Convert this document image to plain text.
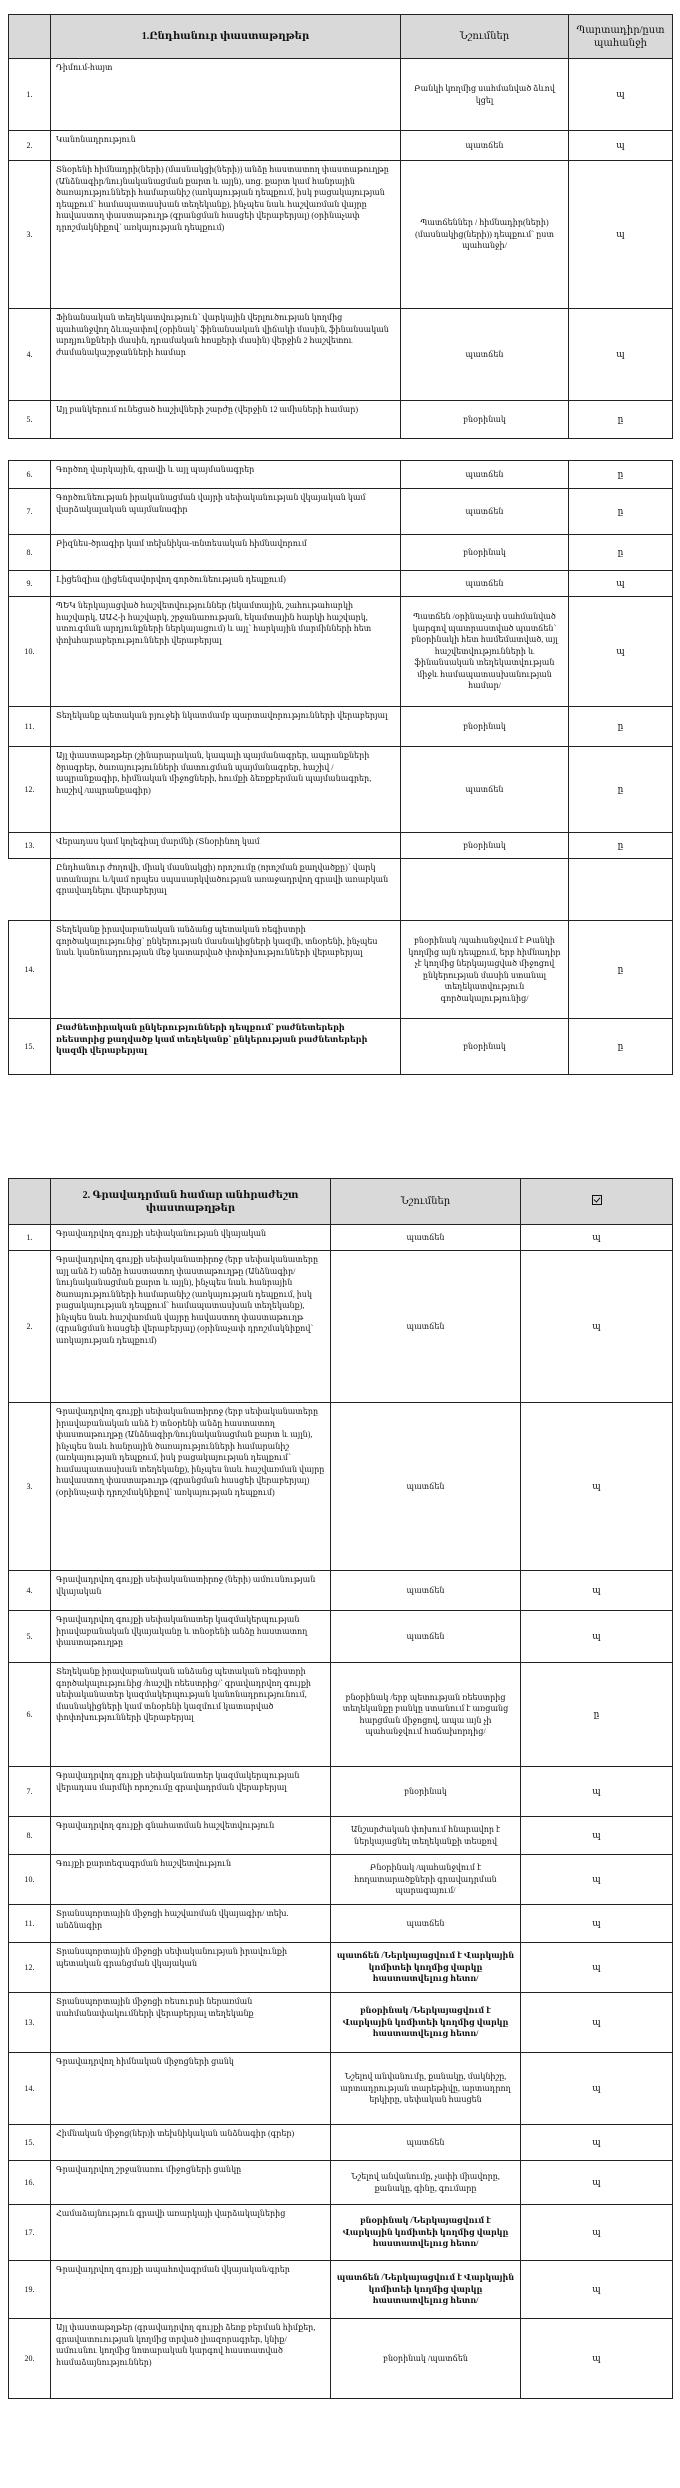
	1.Ընդհանուր փաստաթղթեր	Նշումներ	Պարտադիր/ըստ պահանջի
1.	Դիմում-հայտ	Բանկի կողմից սահմանված ձևով կցել	պ
2.	Կանոնադրություն	պատճեն	պ
3.	Տնօրենի հիմնադրի(ների) (մասնակցի(ների)) անձը հաստատող փաստաթուղթը (Անձնագիր/նույնականացման քարտ և այլն), սոց. քարտ կամ հանրային ծառայությունների համարանիշ (առկայության դեպքում, իսկ բացակայության դեպքում՝ համապատասխան տեղեկանք), ինչպես նաև հաշվառման վայրը հավաստող փաստաթուղթ (գրանցման հասցեի վերաբերյալ) (օրինաչափ դրոշմակնիքով՝ առկայության դեպքում)	Պատճեններ / հիմնադիր(ների) (մասնակից(ների)) դեպքում՝ ըստ պահանջի/	պ
4.	Ֆինանսական տեղեկատվություն՝ վարկային վերլուծության կողմից պահանջվող ձևաչափով (օրինակ՝ ֆինանսական վիճակի մասին, ֆինանսական արդյունքների մասին, դրամական հոսքերի մասին) վերջին 2 հաշվետու ժամանակաշրջանների համար	պատճեն	պ
5.	Այլ բանկերում ունեցած հաշիվների շարժը (վերջին 12 ամիսների համար)	բնօրինակ	ը

6.	Գործող վարկային, գրավի և այլ պայմանագրեր	պատճեն	ը
7.	Գործունեության իրականացման վայրի սեփականության վկայական կամ վարձակալական պայմանագիր	պատճեն	ը
8.	Բիզնես-ծրագիր կամ տեխնիկա-տնտեսական հիմնավորում	բնօրինակ	ը
9.	Լիցենզիա (լիցենզավորվող գործունեության դեպքում)	պատճեն	պ
10.	ՊԵԿ ներկայացված հաշվետվություններ (եկամտային, շահութահարկի հաշվարկ, ԱԱՀ-ի հաշվարկ, շրջանառության, եկամտային հարկի հաշվարկ, ստուգման արդյունքների ներկայացում) և այլ՝ հարկային մարմինների հետ փոխհարաբերությունների վերաբերյալ	Պատճեն /օրինաչափ սահմանված կարգով պատրաստված պատճեն՝ բնօրինակի հետ համեմատված, այլ հաշվետվությունների և ֆինանսական տեղեկատվության միջև համապատասխանության համար/	պ
11.	Տեղեկանք պետական բյուջեի նկատմամբ պարտավորությունների վերաբերյալ	բնօրինակ	ը
12.	Այլ փաստաթղթեր (շինարարական, կապալի պայմանագրեր, ապրանքների ծրագրեր, ծառայությունների մատուցման պայմանագրեր, հաշիվ /ապրանքագիր, հիմնական միջոցների, հումքի ձեռքբերման պայմանագրեր, հաշիվ /ապրանքագիր)	պատճեն	ը
13.	Վերադաս կամ կոլեգիալ մարմնի (Տնօրինող կամ	բնօրինակ	ը
	Ընդհանուր ժողովի, միակ մասնակցի) որոշումը (որոշման քաղվածքը)՝ վարկ ստանալու և/կամ որպես սպասարկվածության առաջադրվող գրավի առարկան գրավադնելու վերաբերյալ		
14.	Տեղեկանք իրավաբանական անձանց պետական ռեգիստրի գործակալությունից՝ ընկերության մասնակիցների կազմի, տնօրենի, ինչպես նաև կանոնադրության մեջ կատարված փոփոխությունների վերաբերյալ	բնօրինակ /պահանջվում է Բանկի կողմից այն դեպքում, երբ հիմնադիր չէ կողմից ներկայացված միջոցով ընկերության մասին ստանալ տեղեկատվություն գործակալությունից/	ը
15.	Բաժնետիրական ընկերությունների դեպքում՝ բաժնետերերի ռեեստրից քաղվածք կամ տեղեկանք՝ ընկերության բաժնետերերի կազմի վերաբերյալ	բնօրինակ	ը
	2. Գրավադրման համար անհրաժեշտ փաստաթղթեր	Նշումներ	
1.	Գրավադրվող գույքի սեփականության վկայական	պատճեն	պ
2.	Գրավադրվող գույքի սեփականատիրոջ (երբ սեփականատերը այլ անձ է) անձը հաստատող փաստաթուղթը (Անձնագիր/նույնականացման քարտ և այլն), ինչպես նաև հանրային ծառայությունների համարանիշ (առկայության դեպքում, իսկ բացակայության դեպքում՝ համապատասխան տեղեկանք), ինչպես նաև հաշվառման վայրը հավաստող փաստաթուղթ (գրանցման հասցեի վերաբերյալ) (օրինաչափ դրոշմակնիքով՝ առկայության դեպքում)	պատճեն	պ
3.	Գրավադրվող գույքի սեփականատիրոջ (երբ սեփականատերը իրավաբանական անձ է) տնօրենի անձը հաստատող փաստաթուղթը (Անձնագիր/նույնականացման քարտ և այլն), ինչպես նաև հանրային ծառայությունների համարանիշ (առկայության դեպքում, իսկ բացակայության դեպքում՝ համապատասխան տեղեկանք), ինչպես նաև հաշվառման վայրը հավաստող փաստաթուղթ (գրանցման հասցեի վերաբերյալ) (օրինաչափ դրոշմակնիքով՝ առկայության դեպքում)	պատճեն	պ
4.	Գրավադրվող գույքի սեփականատիրոջ (ների) ամուսնության վկայական	պատճեն	պ
5.	Գրավադրվող գույքի սեփականատեր կազմակերպության իրավաբանական վկայականը և տնօրենի անձը հաստատող փաստաթուղթը	պատճեն	պ
6.	Տեղեկանք իրավաբանական անձանց պետական ռեգիստրի գործակալությունից /հաշվի ռեեստրից/՝ գրավադրվող գույքի սեփականատեր կազմակերպության կանոնադրությունում, մասնակիցների կամ տնօրենի կազմում կատարված փոփոխությունների վերաբերյալ	բնօրինակ /երբ պետության ռեեստրից տեղեկանքը բանկը ստանում է առցանց հարցման միջոցով, ապա այն չի պահանջվում հաճախորդից/	ը
7.	Գրավադրվող գույքի սեփականատեր կազմակերպության վերադաս մարմնի որոշումը գրավադրման վերաբերյալ	բնօրինակ	պ
8.	Գրավադրվող գույքի գնահատման հաշվետվություն	Անշարժական փոխում հնարավոր է ներկայացնել տեղեկանքի տեսքով	պ
10.	Գույքի քարտեզագրման հաշվետվություն	Բնօրինակ /պահանջվում է հողատարածքների գրավադրման պարագայում/	պ
11.	Տրանսպորտային միջոցի հաշվառման վկայագիր/ տեխ. անձնագիր	պատճեն	պ
12.	Տրանսպորտային միջոցի սեփականության իրավունքի պետական գրանցման վկայական	պատճեն /Ներկայացվում է Վարկային կոմիտեի կողմից վարկը հաստատվելուց հետո/	պ
13.	Տրանսպորտային միջոցի ռեսուրսի ներառման սահմանափակումների վերաբերյալ տեղեկանք	բնօրինակ /Ներկայացվում է Վարկային կոմիտեի կողմից վարկը հաստատվելուց հետո/	պ
14.	Գրավադրվող հիմնական միջոցների ցանկ	Նշելով անվանումը, քանակը, մակնիշը, արտադրության տարեթիվը, արտադրող երկիրը, սեփական հասցեն	պ
15.	Հիմնական միջոց(ներ)ի տեխնիկական անձնագիր (գրեր)	պատճեն	պ
16.	Գրավադրվող շրջանառու միջոցների ցանկը	Նշելով անվանումը, չափի միավորը, քանակը, գինը, գումարը	պ
17.	Համաձայնություն գրավի առարկայի վարձակալներից	բնօրինակ /Ներկայացվում է Վարկային կոմիտեի կողմից վարկը հաստատվելուց հետո/	պ
19.	Գրավադրվող գույքի ապահովագրման վկայական/գրեր	պատճեն /Ներկայացվում է Վարկային կոմիտեի կողմից վարկը հաստատվելուց հետո/	պ
20.	Այլ փաստաթղթեր (գրավադրվող գույքի ձեռք բերման հիմքեր, գրավատուության կողմից տրված լիազորագրեր, կնիք/ ամուսնու կողմից նոտարական կարգով հաստատված համաձայնություններ)	բնօրինակ /պատճեն	պ
